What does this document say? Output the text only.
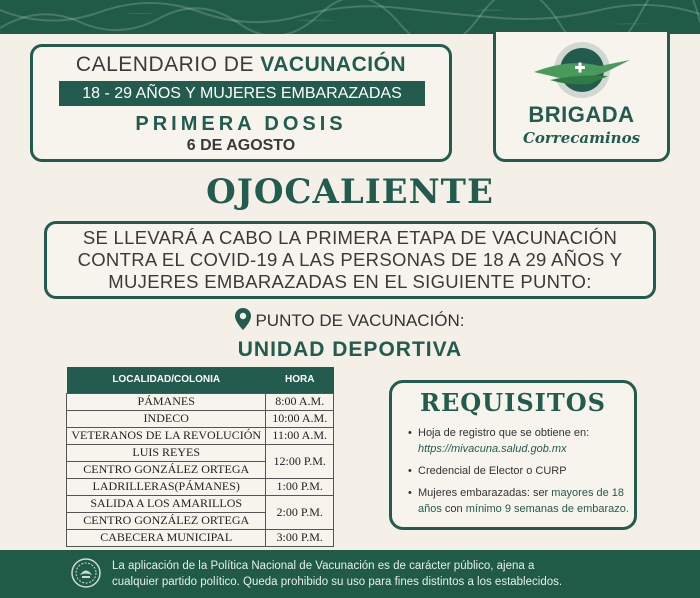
CALENDARIO DE VACUNACIÓN
18 - 29 AÑOS Y MUJERES EMBARAZADAS
PRIMERA DOSIS
6 DE AGOSTO
BRIGADA
Correcaminos
OJOCALIENTE
SE LLEVARÁ A CABO LA PRIMERA ETAPA DE VACUNACIÓN
CONTRA EL COVID-19 A LAS PERSONAS DE 18 A 29 AÑOS Y
MUJERES EMBARAZADAS EN EL SIGUIENTE PUNTO:
PUNTO DE VACUNACIÓN:
UNIDAD DEPORTIVA
LOCALIDAD/COLONIA	HORA
PÁMANES	8:00 A.M.
INDECO	10:00 A.M.
VETERANOS DE LA REVOLUCIÓN	11:00 A.M.
LUIS REYES	12:00 P.M.
CENTRO GONZÁLEZ ORTEGA	
LADRILLERAS(PÁMANES)	1:00 P.M.
SALIDA A LOS AMARILLOS	2:00 P.M.
CENTRO GONZÁLEZ ORTEGA	
CABECERA MUNICIPAL	3:00 P.M.
REQUISITOS
• Hoja de registro que se obtiene en: https://mivacuna.salud.gob.mx
• Credencial de Elector o CURP
• Mujeres embarazadas: ser mayores de 18 años con mínimo 9 semanas de embarazo.
La aplicación de la Política Nacional de Vacunación es de carácter público, ajena a
cualquier partido político. Queda prohibido su uso para fines distintos a los establecidos.
